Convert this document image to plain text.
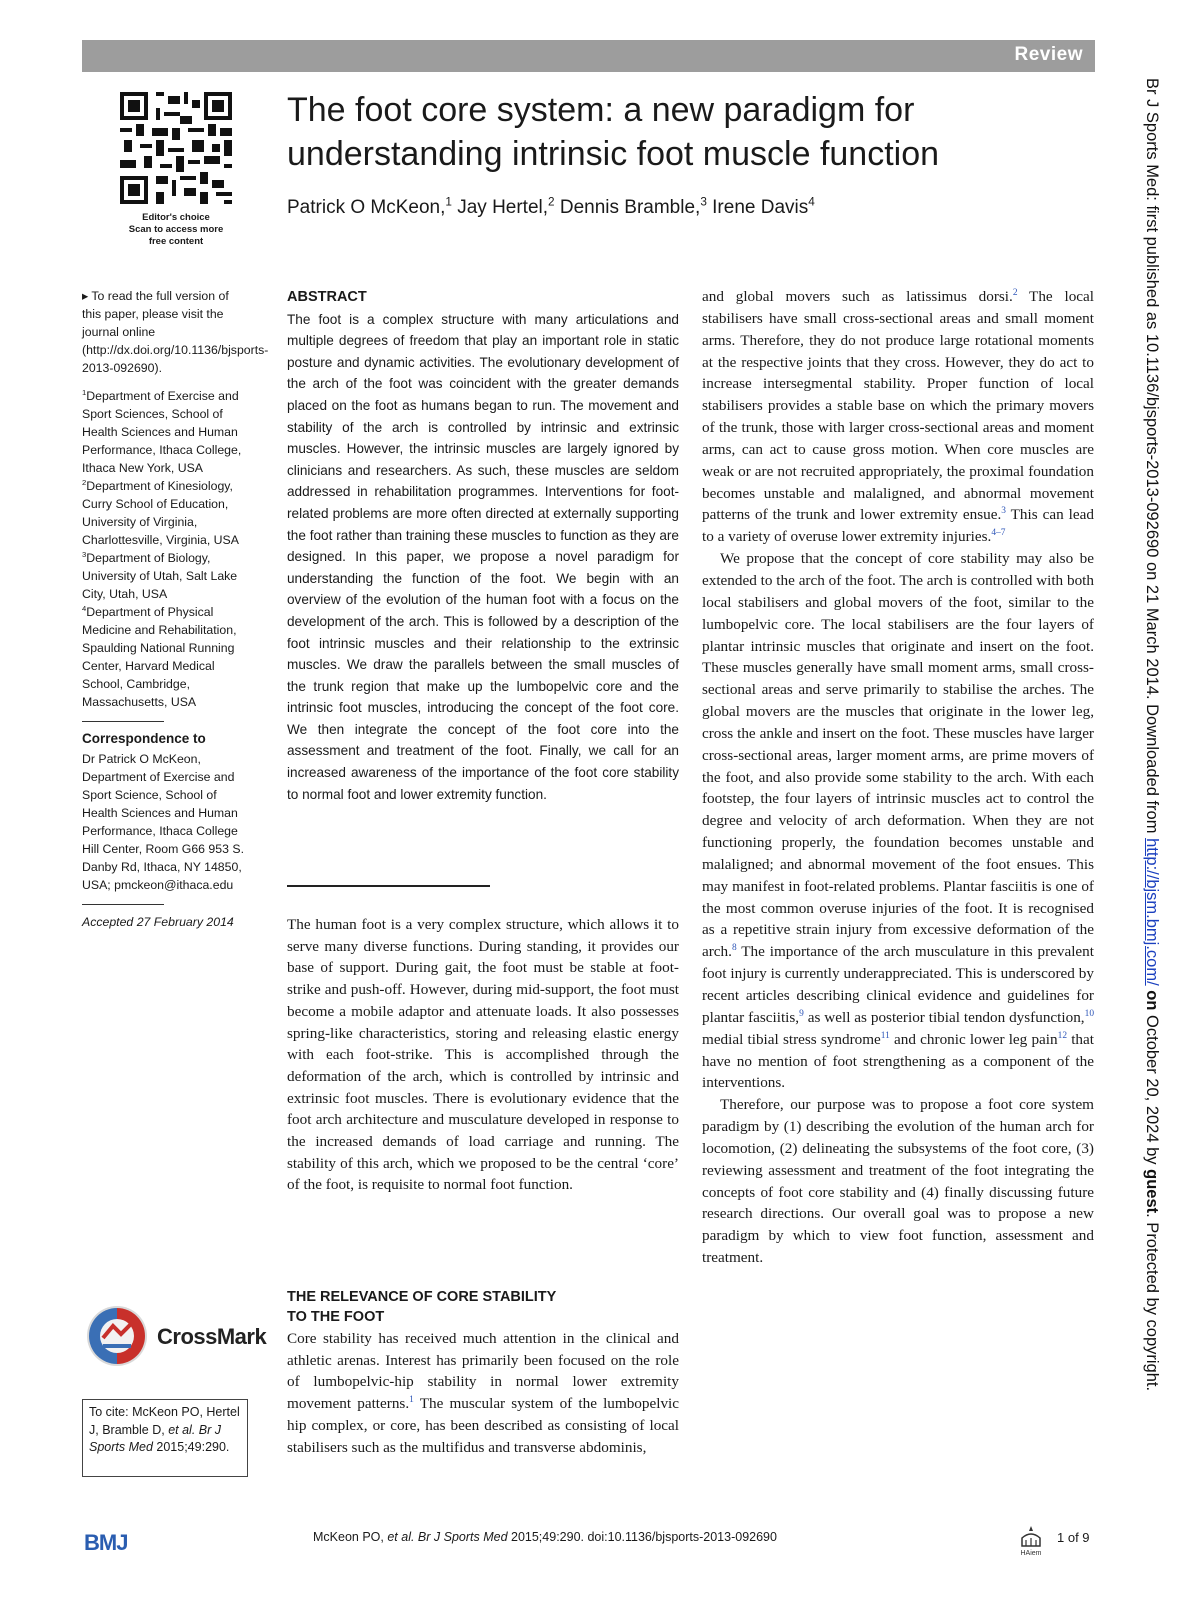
Review
Editor's choice
Scan to access more
free content
The foot core system: a new paradigm for understanding intrinsic foot muscle function
Patrick O McKeon,$^1$ Jay Hertel,$^2$ Dennis Bramble,$^3$ Irene Davis$^4$

▸ To read the full version of this paper, please visit the journal online (http://dx.doi.org/10.1136/bjsports-2013-092690).

$^1$Department of Exercise and Sport Sciences, School of Health Sciences and Human Performance, Ithaca College, Ithaca New York, USA

$^2$Department of Kinesiology, Curry School of Education, University of Virginia, Charlottesville, Virginia, USA

$^3$Department of Biology, University of Utah, Salt Lake City, Utah, USA

$^4$Department of Physical Medicine and Rehabilitation, Spaulding National Running Center, Harvard Medical School, Cambridge, Massachusetts, USA

Correspondence to

Dr Patrick O McKeon, Department of Exercise and Sport Science, School of Health Sciences and Human Performance, Ithaca College Hill Center, Room G66 953 S. Danby Rd, Ithaca, NY 14850, USA; pmckeon@ithaca.edu

Accepted 27 February 2014

CrossMark
To cite: McKeon PO, Hertel J, Bramble D, et al. Br J Sports Med 2015;49:290.

ABSTRACT

The foot is a complex structure with many articulations and multiple degrees of freedom that play an important role in static posture and dynamic activities. The evolutionary development of the arch of the foot was coincident with the greater demands placed on the foot as humans began to run. The movement and stability of the arch is controlled by intrinsic and extrinsic muscles. However, the intrinsic muscles are largely ignored by clinicians and researchers. As such, these muscles are seldom addressed in rehabilitation programmes. Interventions for foot-related problems are more often directed at externally supporting the foot rather than training these muscles to function as they are designed. In this paper, we propose a novel paradigm for understanding the function of the foot. We begin with an overview of the evolution of the human foot with a focus on the development of the arch. This is followed by a description of the foot intrinsic muscles and their relationship to the extrinsic muscles. We draw the parallels between the small muscles of the trunk region that make up the lumbopelvic core and the intrinsic foot muscles, introducing the concept of the foot core. We then integrate the concept of the foot core into the assessment and treatment of the foot. Finally, we call for an increased awareness of the importance of the foot core stability to normal foot and lower extremity function.

The human foot is a very complex structure, which allows it to serve many diverse functions. During standing, it provides our base of support. During gait, the foot must be stable at foot-strike and push-off. However, during mid-support, the foot must become a mobile adaptor and attenuate loads. It also possesses spring-like characteristics, storing and releasing elastic energy with each foot-strike. This is accomplished through the deformation of the arch, which is controlled by intrinsic and extrinsic foot muscles. There is evolutionary evidence that the foot arch architecture and musculature developed in response to the increased demands of load carriage and running. The stability of this arch, which we proposed to be the central ‘core’ of the foot, is requisite to normal foot function.

THE RELEVANCE OF CORE STABILITY
TO THE FOOT

Core stability has received much attention in the clinical and athletic arenas. Interest has primarily been focused on the role of lumbopelvic-hip stability in normal lower extremity movement patterns.$^1$ The muscular system of the lumbopelvic hip complex, or core, has been described as consisting of local stabilisers such as the multifidus and transverse abdominis,

and global movers such as latissimus dorsi.$^2$ The local stabilisers have small cross-sectional areas and small moment arms. Therefore, they do not produce large rotational moments at the respective joints that they cross. However, they do act to increase intersegmental stability. Proper function of local stabilisers provides a stable base on which the primary movers of the trunk, those with larger cross-sectional areas and moment arms, can act to cause gross motion. When core muscles are weak or are not recruited appropriately, the proximal foundation becomes unstable and malaligned, and abnormal movement patterns of the trunk and lower extremity ensue.$^3$ This can lead to a variety of overuse lower extremity injuries.$^{4-7}$

We propose that the concept of core stability may also be extended to the arch of the foot. The arch is controlled with both local stabilisers and global movers of the foot, similar to the lumbopelvic core. The local stabilisers are the four layers of plantar intrinsic muscles that originate and insert on the foot. These muscles generally have small moment arms, small cross-sectional areas and serve primarily to stabilise the arches. The global movers are the muscles that originate in the lower leg, cross the ankle and insert on the foot. These muscles have larger cross-sectional areas, larger moment arms, are prime movers of the foot, and also provide some stability to the arch. With each footstep, the four layers of intrinsic muscles act to control the degree and velocity of arch deformation. When they are not functioning properly, the foundation becomes unstable and malaligned; and abnormal movement of the foot ensues. This may manifest in foot-related problems. Plantar fasciitis is one of the most common overuse injuries of the foot. It is recognised as a repetitive strain injury from excessive deformation of the arch.$^8$ The importance of the arch musculature in this prevalent foot injury is currently underappreciated. This is underscored by recent articles describing clinical evidence and guidelines for plantar fasciitis,$^9$ as well as posterior tibial tendon dysfunction,$^{10}$ medial tibial stress syndrome$^{11}$ and chronic lower leg pain$^{12}$ that have no mention of foot strengthening as a component of the interventions.

Therefore, our purpose was to propose a foot core system paradigm by (1) describing the evolution of the human arch for locomotion, (2) delineating the subsystems of the foot core, (3) reviewing assessment and treatment of the foot integrating the concepts of foot core stability and (4) finally discussing future research directions. Our overall goal was to propose a new paradigm by which to view foot function, assessment and treatment.

Br J Sports Med: first published as 10.1136/bjsports-2013-092690 on 21 March 2014. Downloaded from http://bjsm.bmj.com/ on October 20, 2024 by guest. Protected by copyright.
BMJ	McKeon PO, et al. Br J Sports Med 2015;49:290. doi:10.1136/bjsports-2013-092690
HAiem
1 of 9
